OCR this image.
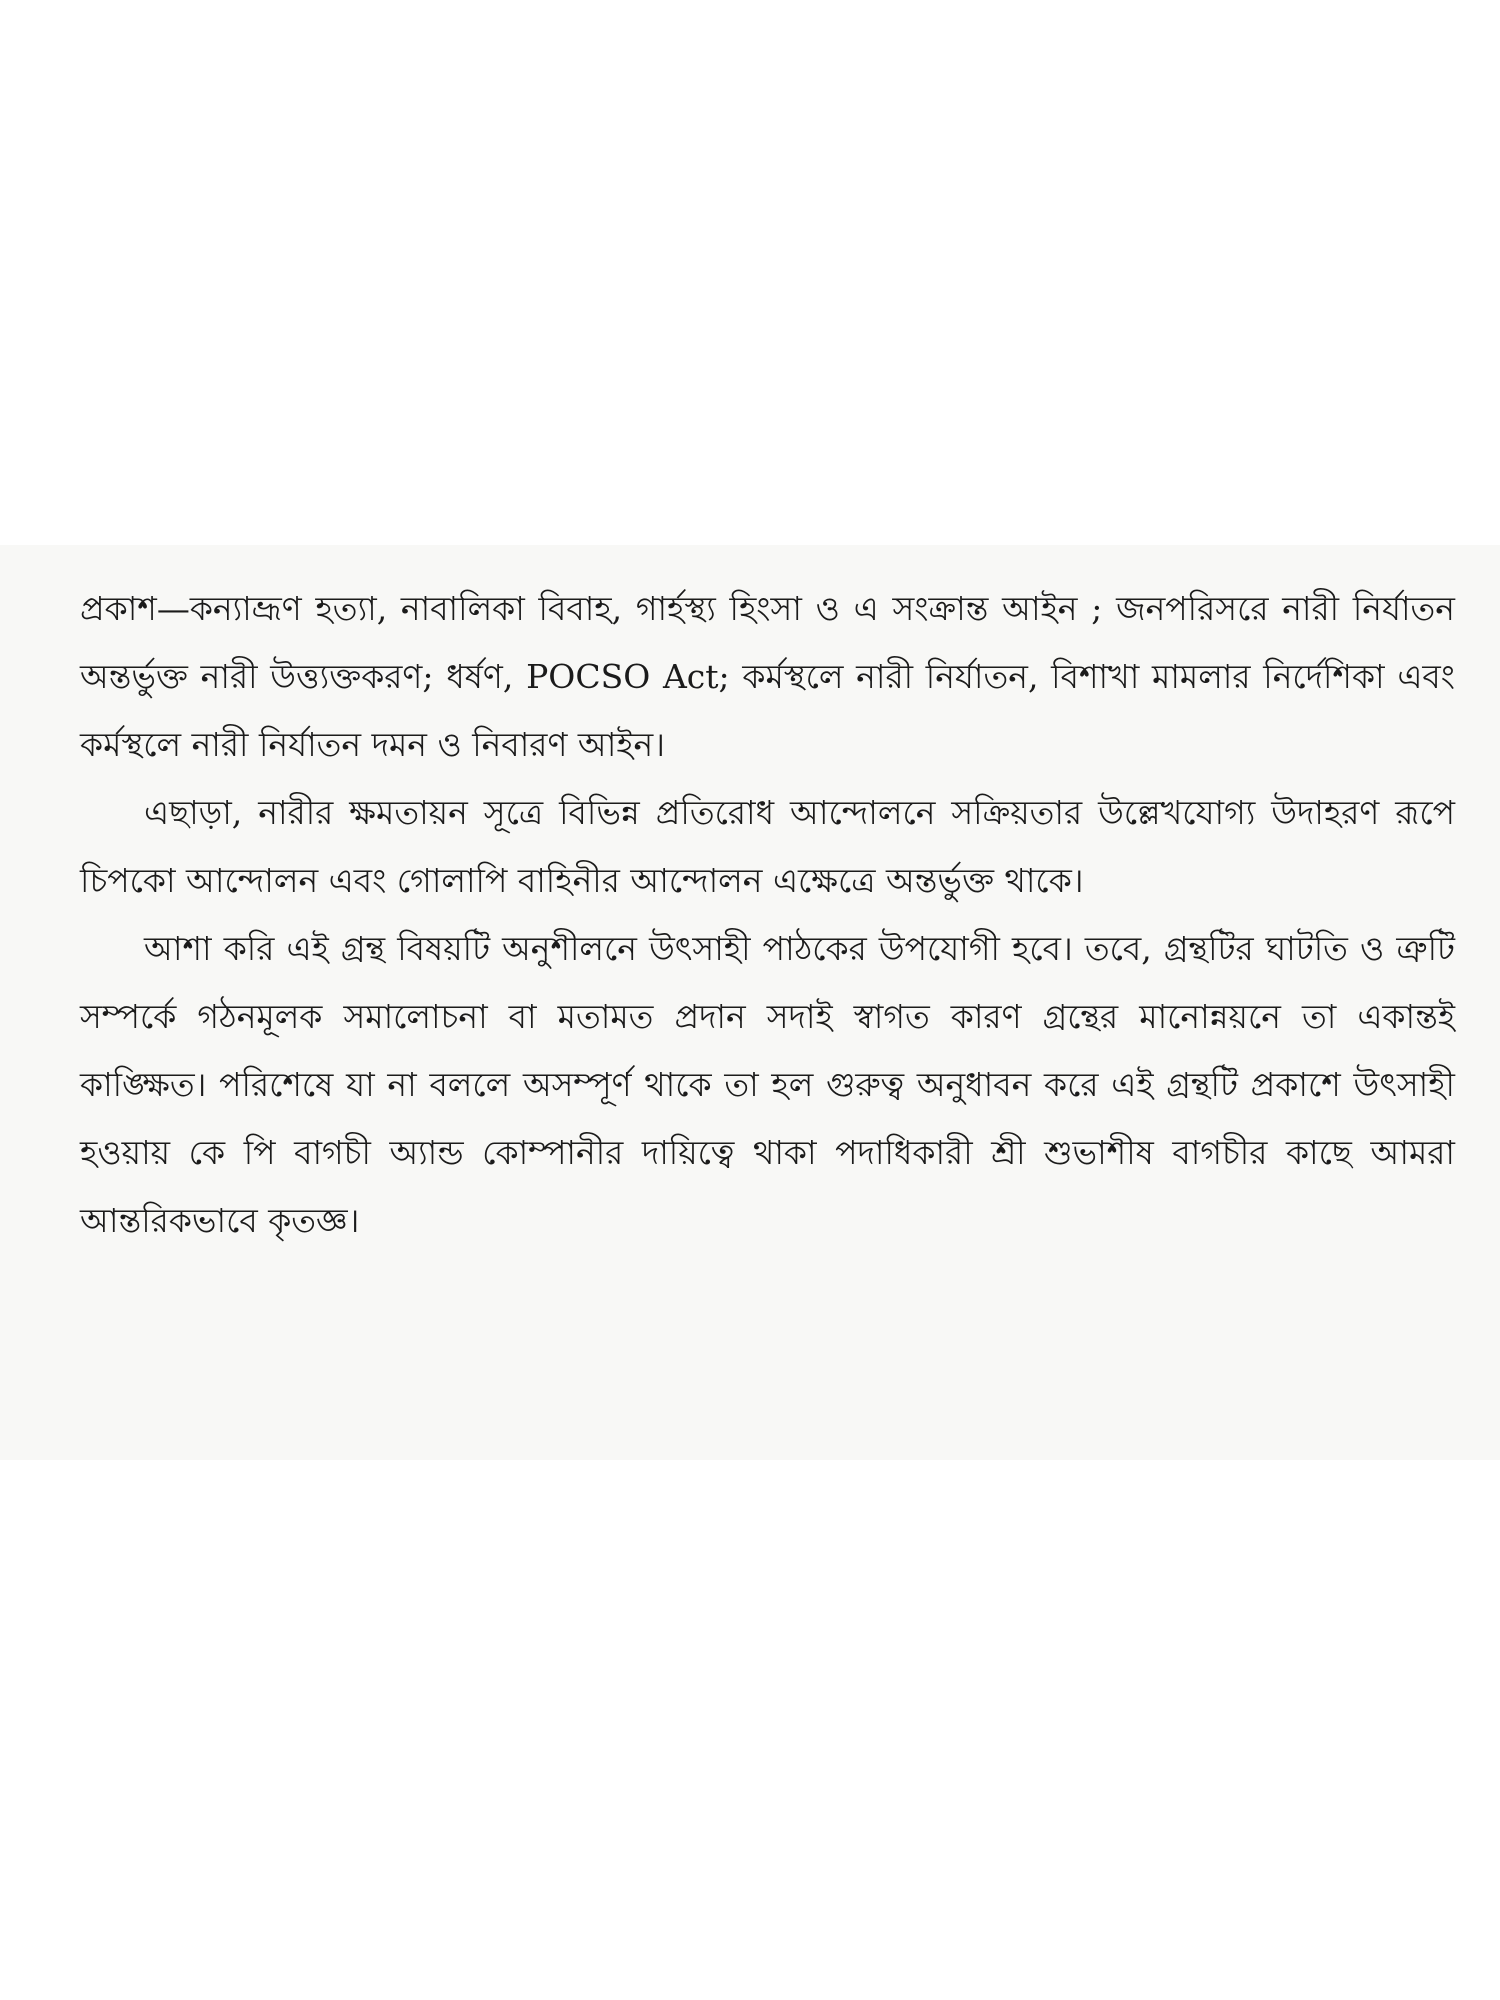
প্রকাশ—কন্যাভ্রূণ হত্যা, নাবালিকা বিবাহ, গার্হস্থ্য হিংসা ও এ সংক্রান্ত আইন ; জনপরিসরে নারী নির্যাতন অন্তর্ভুক্ত নারী উত্ত্যক্তকরণ; ধর্ষণ, POCSO Act; কর্মস্থলে নারী নির্যাতন, বিশাখা মামলার নির্দেশিকা এবং কর্মস্থলে নারী নির্যাতন দমন ও নিবারণ আইন।

এছাড়া, নারীর ক্ষমতায়ন সূত্রে বিভিন্ন প্রতিরোধ আন্দোলনে সক্রিয়তার উল্লেখযোগ্য উদাহরণ রূপে চিপকো আন্দোলন এবং গোলাপি বাহিনীর আন্দোলন এক্ষেত্রে অন্তর্ভুক্ত থাকে।

আশা করি এই গ্রন্থ বিষয়টি অনুশীলনে উৎসাহী পাঠকের উপযোগী হবে। তবে, গ্রন্থটির ঘাটতি ও ত্রুটি সম্পর্কে গঠনমূলক সমালোচনা বা মতামত প্রদান সদাই স্বাগত কারণ গ্রন্থের মানোন্নয়নে তা একান্তই কাঙ্ক্ষিত। পরিশেষে যা না বললে অসম্পূর্ণ থাকে তা হল গুরুত্ব অনুধাবন করে এই গ্রন্থটি প্রকাশে উৎসাহী হওয়ায় কে পি বাগচী অ্যান্ড কোম্পানীর দায়িত্বে থাকা পদাধিকারী শ্রী শুভাশীষ বাগচীর কাছে আমরা আন্তরিকভাবে কৃতজ্ঞ।
